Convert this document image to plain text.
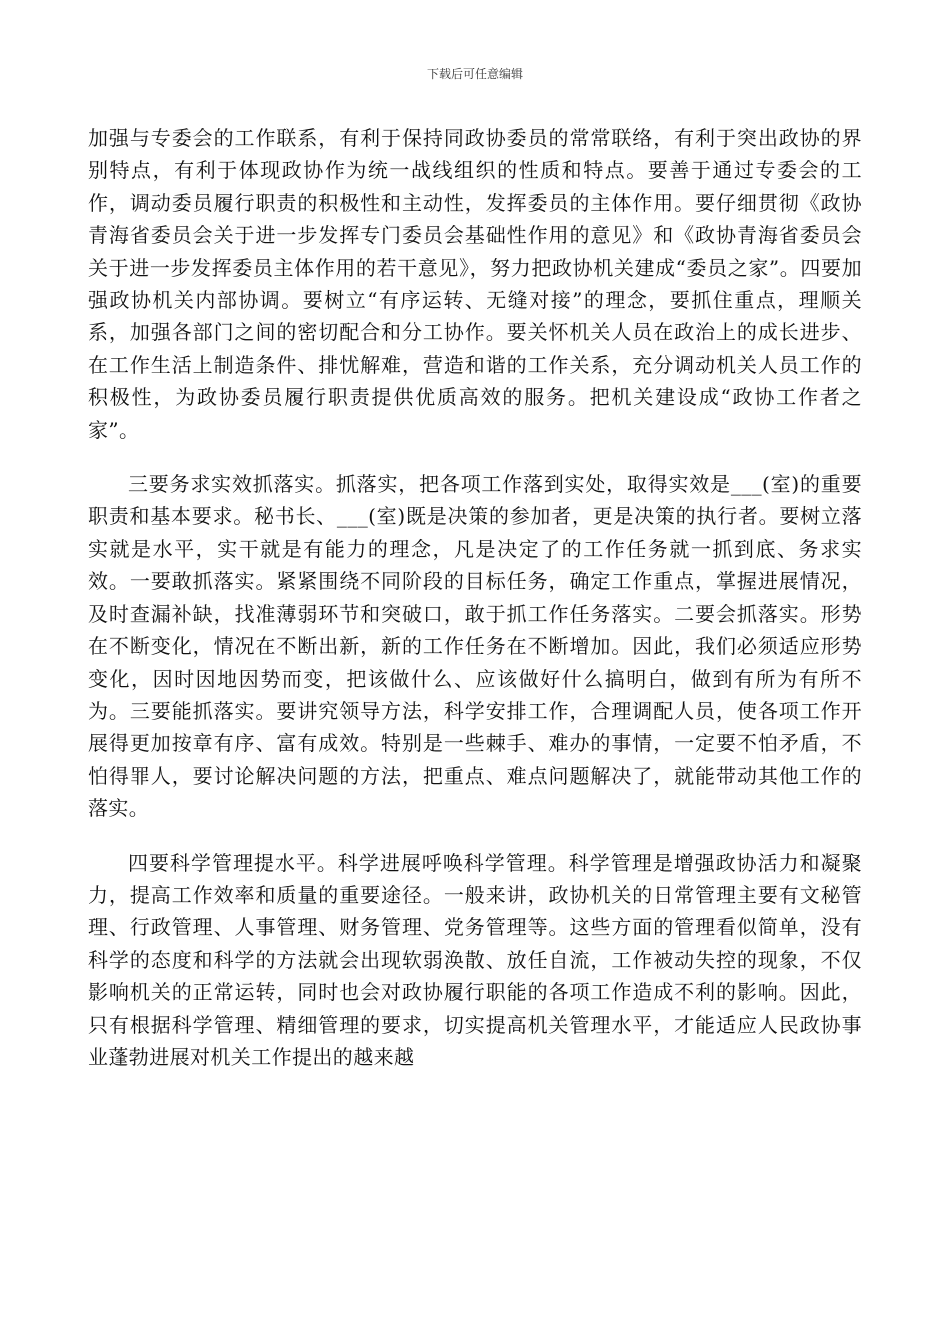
下载后可任意编辑

加强与专委会的工作联系，有利于保持同政协委员的常常联络，有利于突出政协的界别特点，有利于体现政协作为统一战线组织的性质和特点。要善于通过专委会的工作，调动委员履行职责的积极性和主动性，发挥委员的主体作用。要仔细贯彻《政协青海省委员会关于进一步发挥专门委员会基础性作用的意见》和《政协青海省委员会关于进一步发挥委员主体作用的若干意见》，努力把政协机关建成“委员之家”。四要加强政协机关内部协调。要树立“有序运转、无缝对接”的理念，要抓住重点，理顺关系，加强各部门之间的密切配合和分工协作。要关怀机关人员在政治上的成长进步、在工作生活上制造条件、排忧解难，营造和谐的工作关系，充分调动机关人员工作的积极性，为政协委员履行职责提供优质高效的服务。把机关建设成“政协工作者之家”。

三要务求实效抓落实。抓落实，把各项工作落到实处，取得实效是___(室)的重要职责和基本要求。秘书长、___(室)既是决策的参加者，更是决策的执行者。要树立落实就是水平，实干就是有能力的理念，凡是决定了的工作任务就一抓到底、务求实效。一要敢抓落实。紧紧围绕不同阶段的目标任务，确定工作重点，掌握进展情况，及时查漏补缺，找准薄弱环节和突破口，敢于抓工作任务落实。二要会抓落实。形势在不断变化，情况在不断出新，新的工作任务在不断增加。因此，我们必须适应形势变化，因时因地因势而变，把该做什么、应该做好什么搞明白，做到有所为有所不为。三要能抓落实。要讲究领导方法，科学安排工作，合理调配人员，使各项工作开展得更加按章有序、富有成效。特别是一些棘手、难办的事情，一定要不怕矛盾，不怕得罪人，要讨论解决问题的方法，把重点、难点问题解决了，就能带动其他工作的落实。

四要科学管理提水平。科学进展呼唤科学管理。科学管理是增强政协活力和凝聚力，提高工作效率和质量的重要途径。一般来讲，政协机关的日常管理主要有文秘管理、行政管理、人事管理、财务管理、党务管理等。这些方面的管理看似简单，没有科学的态度和科学的方法就会出现软弱涣散、放任自流，工作被动失控的现象，不仅影响机关的正常运转，同时也会对政协履行职能的各项工作造成不利的影响。因此，只有根据科学管理、精细管理的要求，切实提高机关管理水平，才能适应人民政协事业蓬勃进展对机关工作提出的越来越
